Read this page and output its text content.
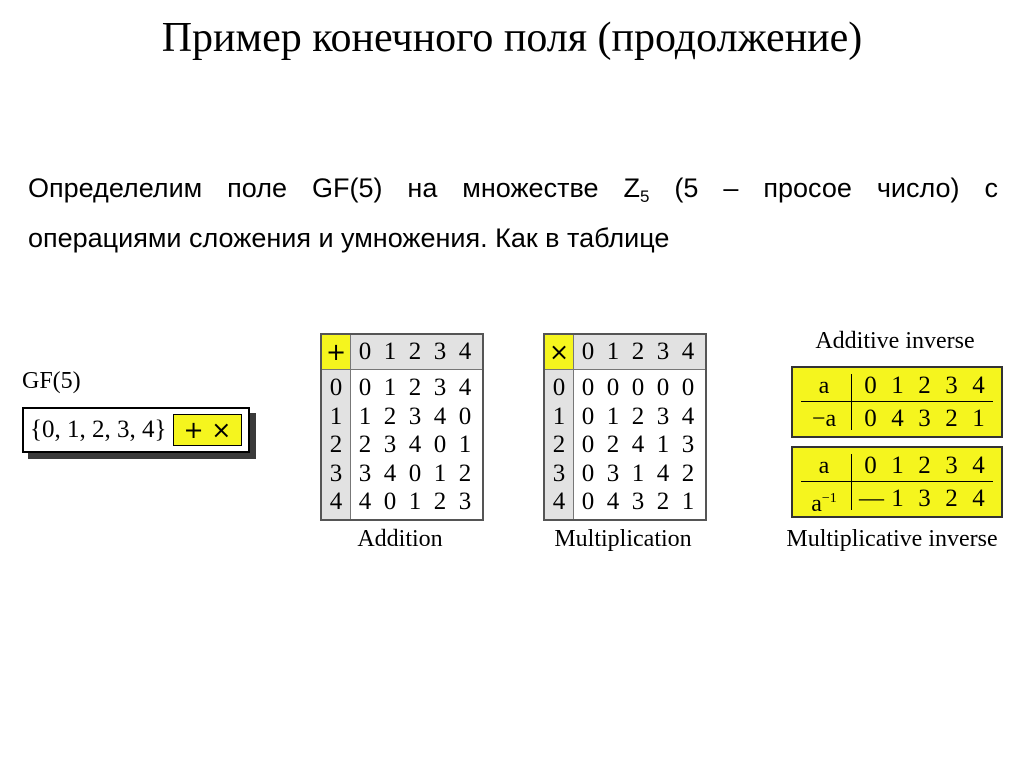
Пример конечного поля (продолжение)
Определелим поле GF(5) на множестве $Z_5$ (5 – просое число) с
операциями сложения и умножения. Как в таблице
GF(5)
{0, 1, 2, 3, 4} + ×
+ 0 1 2 3 4
0
1
2
3
4
0 1 2 3 4
1 2 3 4 0
2 3 4 0 1
3 4 0 1 2
4 0 1 2 3
Addition
× 0 1 2 3 4
0
1
2
3
4
0 0 0 0 0
0 1 2 3 4
0 2 4 1 3
0 3 1 4 2
0 4 3 2 1
Multiplication
Additive inverse
a
−a
0 1 2 3 4
0 4 3 2 1
a
$a^{-1}$
0 1 2 3 4
— 1 3 2 4
Multiplicative inverse
